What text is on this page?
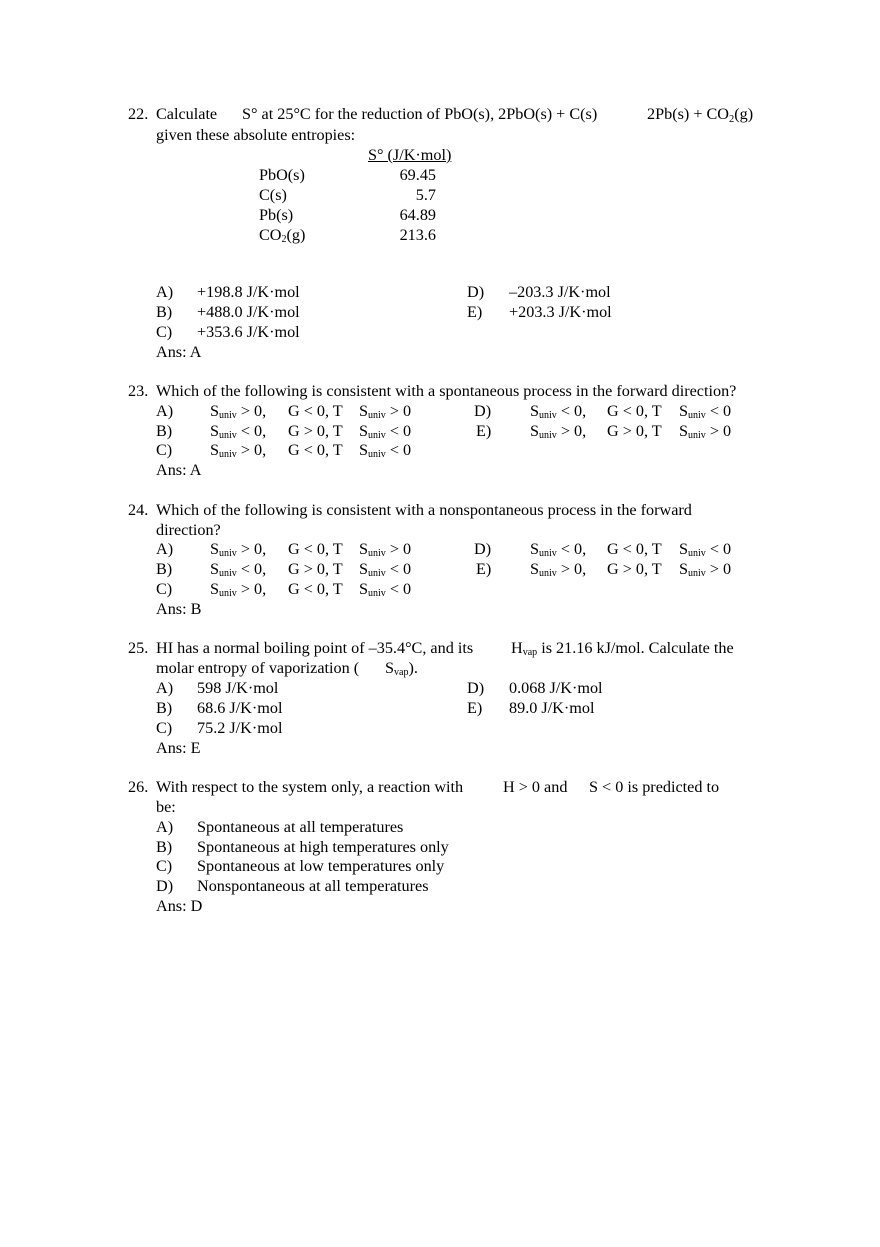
22. Calculate S° at 25°C for the reduction of PbO(s), 2PbO(s) + C(s)	$2Pb(s) + CO_2(g)$
given these absolute entropies:
S° (J/K·mol)
PbO(s)	69.45
C(s)	5.7
Pb(s)	64.89
CO2(g)	213.6
A) +198.8 J/K·mol
B) +488.0 J/K·mol
C) +353.6 J/K·mol
D) –203.3 J/K·mol
E) +203.3 J/K·mol
Ans: A
23. Which of the following is consistent with a spontaneous process in the forward direction?
A) Suniv > 0, G < 0, T Suniv > 0
B) Suniv < 0, G > 0, T Suniv < 0
C) Suniv > 0, G < 0, T Suniv < 0
D) Suniv < 0, G < 0, T Suniv < 0
E) Suniv > 0, G > 0, T Suniv > 0
Ans: A
24. Which of the following is consistent with a nonspontaneous process in the forward
direction?
A) Suniv > 0, G < 0, T Suniv > 0
B) Suniv < 0, G > 0, T Suniv < 0
C) Suniv > 0, G < 0, T Suniv < 0
D) Suniv < 0, G < 0, T Suniv < 0
E) Suniv > 0, G > 0, T Suniv > 0
Ans: B
25. HI has a normal boiling point of –35.4°C, and its Hvap is 21.16 kJ/mol. Calculate the
molar entropy of vaporization ( Svap).
A) 598 J/K·mol
B) 68.6 J/K·mol
C) 75.2 J/K·mol
D) 0.068 J/K·mol
E) 89.0 J/K·mol
Ans: E
26. With respect to the system only, a reaction with H > 0 and S < 0 is predicted to
be:
A) Spontaneous at all temperatures
B) Spontaneous at high temperatures only
C) Spontaneous at low temperatures only
D) Nonspontaneous at all temperatures
Ans: D
